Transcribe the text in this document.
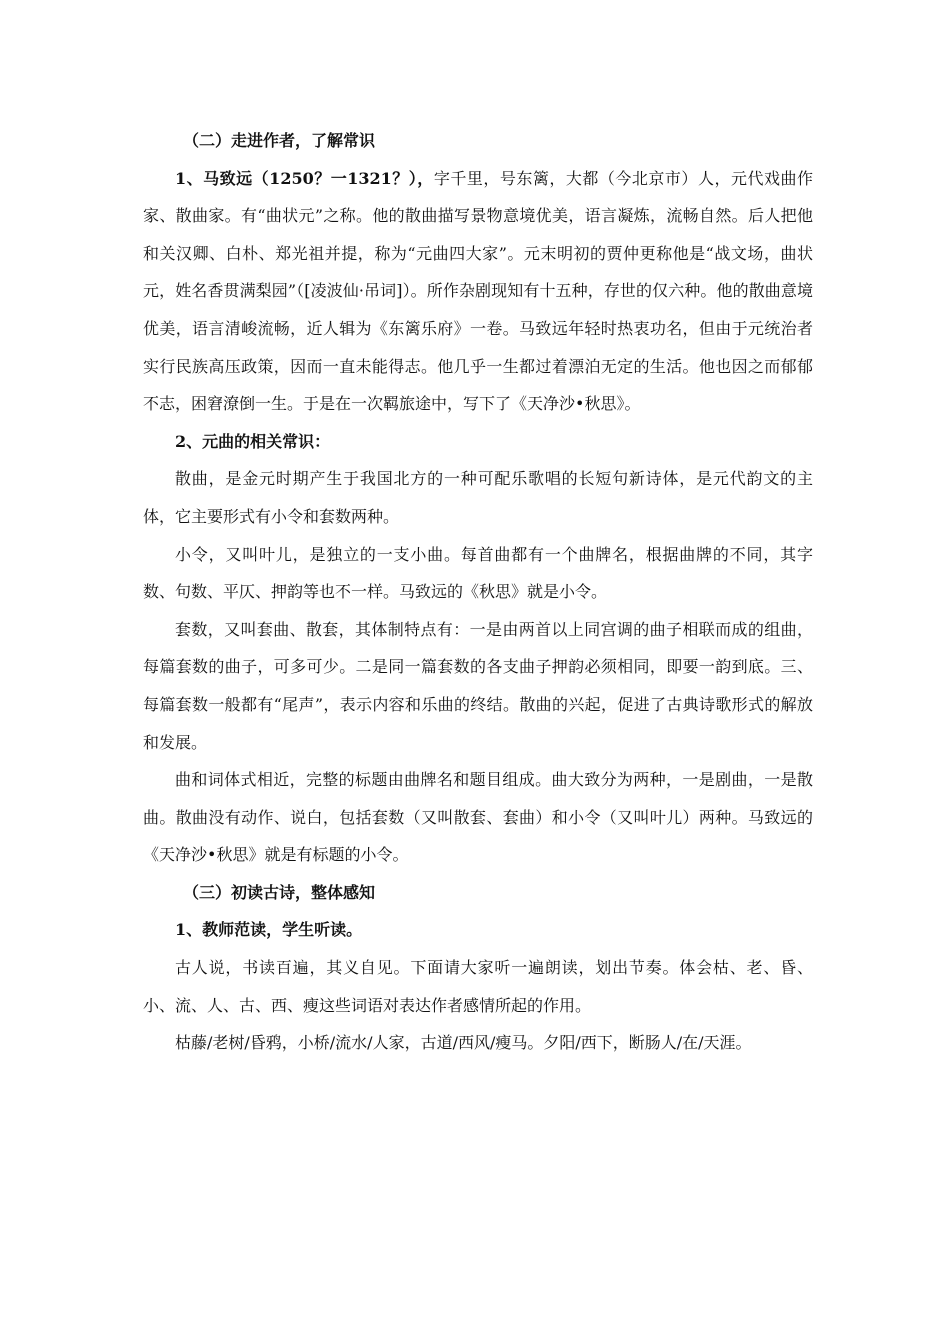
（二）走进作者，了解常识

1、马致远（1250？一1321？），字千里，号东篱，大都（今北京市）人，元代戏曲作家、散曲家。有“曲状元”之称。他的散曲描写景物意境优美，语言凝炼，流畅自然。后人把他和关汉卿、白朴、郑光祖并提，称为“元曲四大家”。元末明初的贾仲更称他是“战文场，曲状元，姓名香贯满梨园”（[凌波仙·吊词]）。所作杂剧现知有十五种，存世的仅六种。他的散曲意境优美，语言清峻流畅，近人辑为《东篱乐府》一卷。马致远年轻时热衷功名，但由于元统治者实行民族高压政策，因而一直未能得志。他几乎一生都过着漂泊无定的生活。他也因之而郁郁不志，困窘潦倒一生。于是在一次羁旅途中，写下了《天净沙•秋思》。

2、元曲的相关常识：

散曲，是金元时期产生于我国北方的一种可配乐歌唱的长短句新诗体，是元代韵文的主体，它主要形式有小令和套数两种。

小令，又叫叶儿，是独立的一支小曲。每首曲都有一个曲牌名，根据曲牌的不同，其字数、句数、平仄、押韵等也不一样。马致远的《秋思》就是小令。

套数，又叫套曲、散套，其体制特点有：一是由两首以上同宫调的曲子相联而成的组曲，每篇套数的曲子，可多可少。二是同一篇套数的各支曲子押韵必须相同，即要一韵到底。三、每篇套数一般都有“尾声”，表示内容和乐曲的终结。散曲的兴起，促进了古典诗歌形式的解放和发展。

曲和词体式相近，完整的标题由曲牌名和题目组成。曲大致分为两种，一是剧曲，一是散曲。散曲没有动作、说白，包括套数（又叫散套、套曲）和小令（又叫叶儿）两种。马致远的《天净沙•秋思》就是有标题的小令。

（三）初读古诗，整体感知

1、教师范读，学生听读。

古人说，书读百遍，其义自见。下面请大家听一遍朗读，划出节奏。体会枯、老、昏、小、流、人、古、西、瘦这些词语对表达作者感情所起的作用。

枯藤/老树/昏鸦，小桥/流水/人家，古道/西风/瘦马。夕阳/西下，断肠人/在/天涯。
